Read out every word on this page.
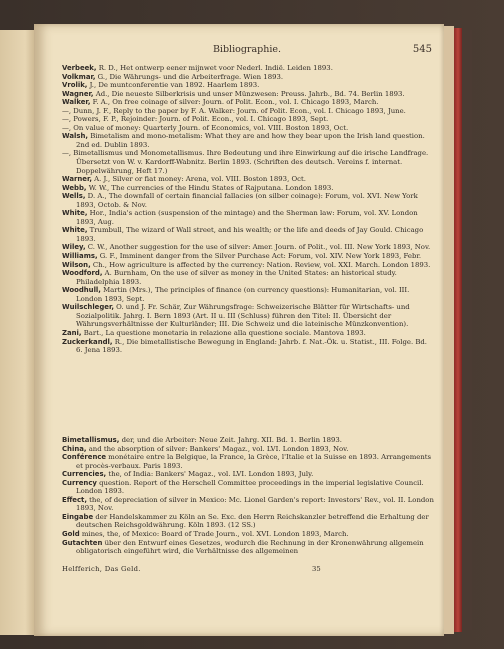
Bibliographie.	545

Verbeek, R. D., Het ontwerp eener mijnwet voor Nederl. Indië. Leiden 1893.

Volkmar, G., Die Währungs- und die Arbeiterfrage. Wien 1893.

Vrolik, J., De muntconferentie van 1892. Haarlem 1893.

Wagner, Ad., Die neueste Silberkrisis und unser Münzwesen: Preuss. Jahrb., Bd. 74. Berlin 1893.

Walker, F. A., On free coinage of silver: Journ. of Polit. Econ., vol. I. Chicago 1893, March.

—, Dunn, J. F., Reply to the paper by F. A. Walker: Journ. of Polit. Econ., vol. I. Chicago 1893, June.

—, Powers, F. P., Rejoinder: Journ. of Polit. Econ., vol. I. Chicago 1893, Sept.

—, On value of money: Quarterly Journ. of Economics, vol. VIII. Boston 1893, Oct.

Walsh, Bimetalism and mono-metalism: What they are and how they bear upon the Irish land question. 2nd ed. Dublin 1893.

—, Bimetallismus und Monometallismus. Ihre Bedeutung und ihre Einwirkung auf die irische Landfrage. Übersetzt von W. v. Kardorff-Wabnitz. Berlin 1893. (Schriften des deutsch. Vereins f. internat. Doppelwährung, Heft 17.)

Warner, A. J., Silver or fiat money: Arena, vol. VIII. Boston 1893, Oct.

Webb, W. W., The currencies of the Hindu States of Rajputana. London 1893.

Wells, D. A., The downfall of certain financial fallacies (on silber coinage): Forum, vol. XVI. New York 1893, Octob. & Nov.

White, Hor., India's action (suspension of the mintage) and the Sherman law: Forum, vol. XV. London 1893, Aug.

White, Trumbull, The wizard of Wall street, and his wealth; or the life and deeds of Jay Gould. Chicago 1893.

Wiley, C. W., Another suggestion for the use of silver: Amer. Journ. of Polit., vol. III. New York 1893, Nov.

Williams, G. F., Imminent danger from the Silver Purchase Act: Forum, vol. XIV. New York 1893, Febr.

Wilson, Ch., How agriculture is affected by the currency: Nation. Review, vol. XXI. March. London 1893.

Woodford, A. Burnham, On the use of silver as money in the United States: an historical study. Philadelphia 1893.

Woodhull, Martin (Mrs.), The principles of finance (on currency questions): Humanitarian, vol. III. London 1893, Sept.

Wuilschleger, O. und J. Fr. Schär, Zur Währungsfrage: Schweizerische Blätter für Wirtschafts- und Sozialpolitik. Jahrg. I. Bern 1893 (Art. II u. III (Schluss) führen den Titel: II. Übersicht der Währungsverhältnisse der Kulturländer; III. Die Schweiz und die lateinische Münzkonvention).

Zani, Bart., La questione monetaria in relazione alla questione sociale. Mantova 1893.

Zuckerkandl, R., Die bimetallistische Bewegung in England: Jahrb. f. Nat.-Ök. u. Statist., III. Folge. Bd. 6. Jena 1893.

Bimetallismus, der, und die Arbeiter: Neue Zeit. Jahrg. XII. Bd. 1. Berlin 1893.

China, and the absorption of silver: Bankers' Magaz., vol. LVI. London 1893, Nov.

Conférence monétaire entre la Belgique, la France, la Grèce, l'Italie et la Suisse en 1893. Arrangements et procès-verbaux. Paris 1893.

Currencies, the, of India: Bankers' Magaz., vol. LVI. London 1893, July.

Currency question. Report of the Herschell Committee proceedings in the imperial legislative Council. London 1893.

Effect, the, of depreciation of silver in Mexico: Mc. Lionel Garden's report: Investors' Rev., vol. II. London 1893, Nov.

Eingabe der Handelskammer zu Köln an Se. Exc. den Herrn Reichskanzler betreffend die Erhaltung der deutschen Reichsgoldwährung. Köln 1893. (12 SS.)

Gold mines, the, of Mexico: Board of Trade Journ., vol. XVI. London 1893, March.

Gutachten über den Entwurf eines Gesetzes, wodurch die Rechnung in der Kronenwährung allgemein obligatorisch eingeführt wird, die Verhältnisse des allgemeinen

Helfferich, Das Geld.	35
